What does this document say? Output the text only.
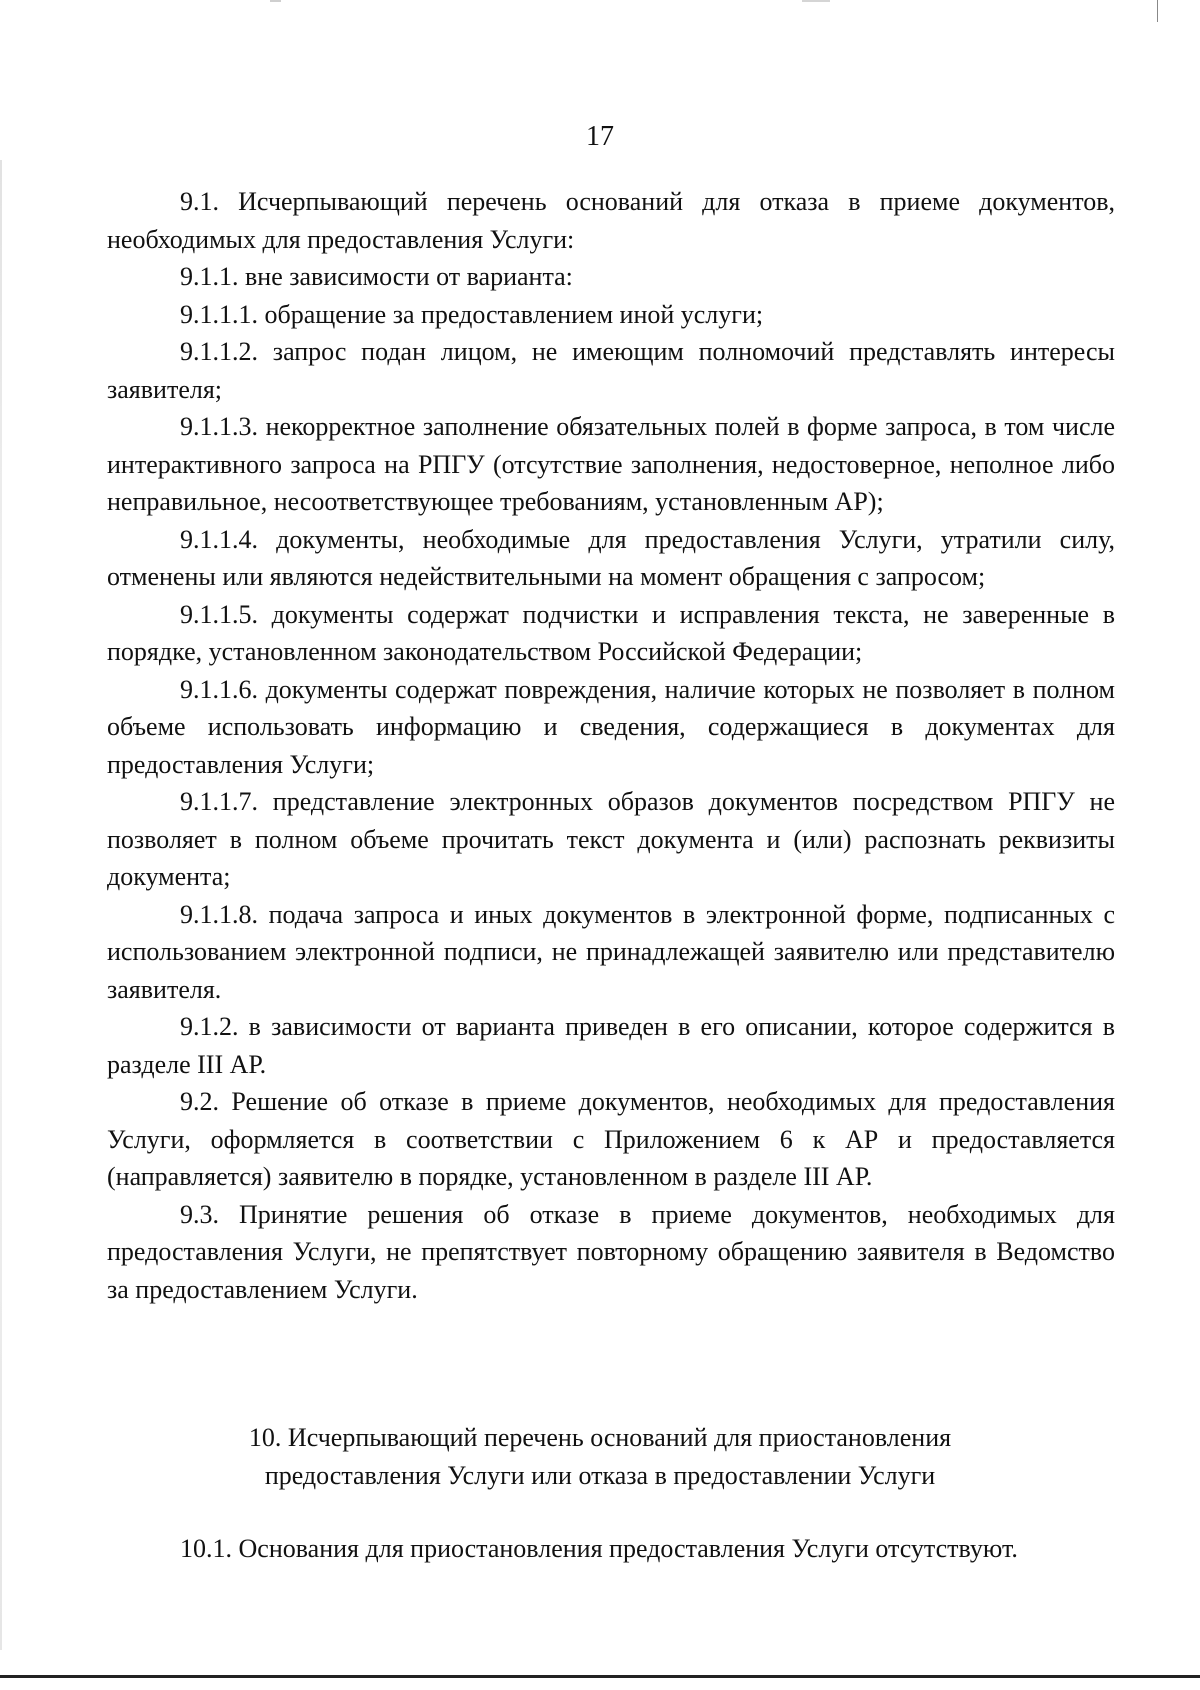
17

9.1. Исчерпывающий перечень оснований для отказа в приеме документов, необходимых для предоставления Услуги:

9.1.1. вне зависимости от варианта:

9.1.1.1. обращение за предоставлением иной услуги;

9.1.1.2. запрос подан лицом, не имеющим полномочий представлять интересы заявителя;

9.1.1.3. некорректное заполнение обязательных полей в форме запроса, в том числе интерактивного запроса на РПГУ (отсутствие заполнения, недостоверное, неполное либо неправильное, несоответствующее требованиям, установленным АР);

9.1.1.4. документы, необходимые для предоставления Услуги, утратили силу, отменены или являются недействительными на момент обращения с запросом;

9.1.1.5. документы содержат подчистки и исправления текста, не заверенные в порядке, установленном законодательством Российской Федерации;

9.1.1.6. документы содержат повреждения, наличие которых не позволяет в полном объеме использовать информацию и сведения, содержащиеся в документах для предоставления Услуги;

9.1.1.7. представление электронных образов документов посредством РПГУ не позволяет в полном объеме прочитать текст документа и (или) распознать реквизиты документа;

9.1.1.8. подача запроса и иных документов в электронной форме, подписанных с использованием электронной подписи, не принадлежащей заявителю или представителю заявителя.

9.1.2. в зависимости от варианта приведен в его описании, которое содержится в разделе III АР.

9.2. Решение об отказе в приеме документов, необходимых для предоставления Услуги, оформляется в соответствии с Приложением 6 к АР и предоставляется (направляется) заявителю в порядке, установленном в разделе III АР.

9.3. Принятие решения об отказе в приеме документов, необходимых для предоставления Услуги, не препятствует повторному обращению заявителя в Ведомство за предоставлением Услуги.

10. Исчерпывающий перечень оснований для приостановления
предоставления Услуги или отказа в предоставлении Услуги
10.1. Основания для приостановления предоставления Услуги отсутствуют.
